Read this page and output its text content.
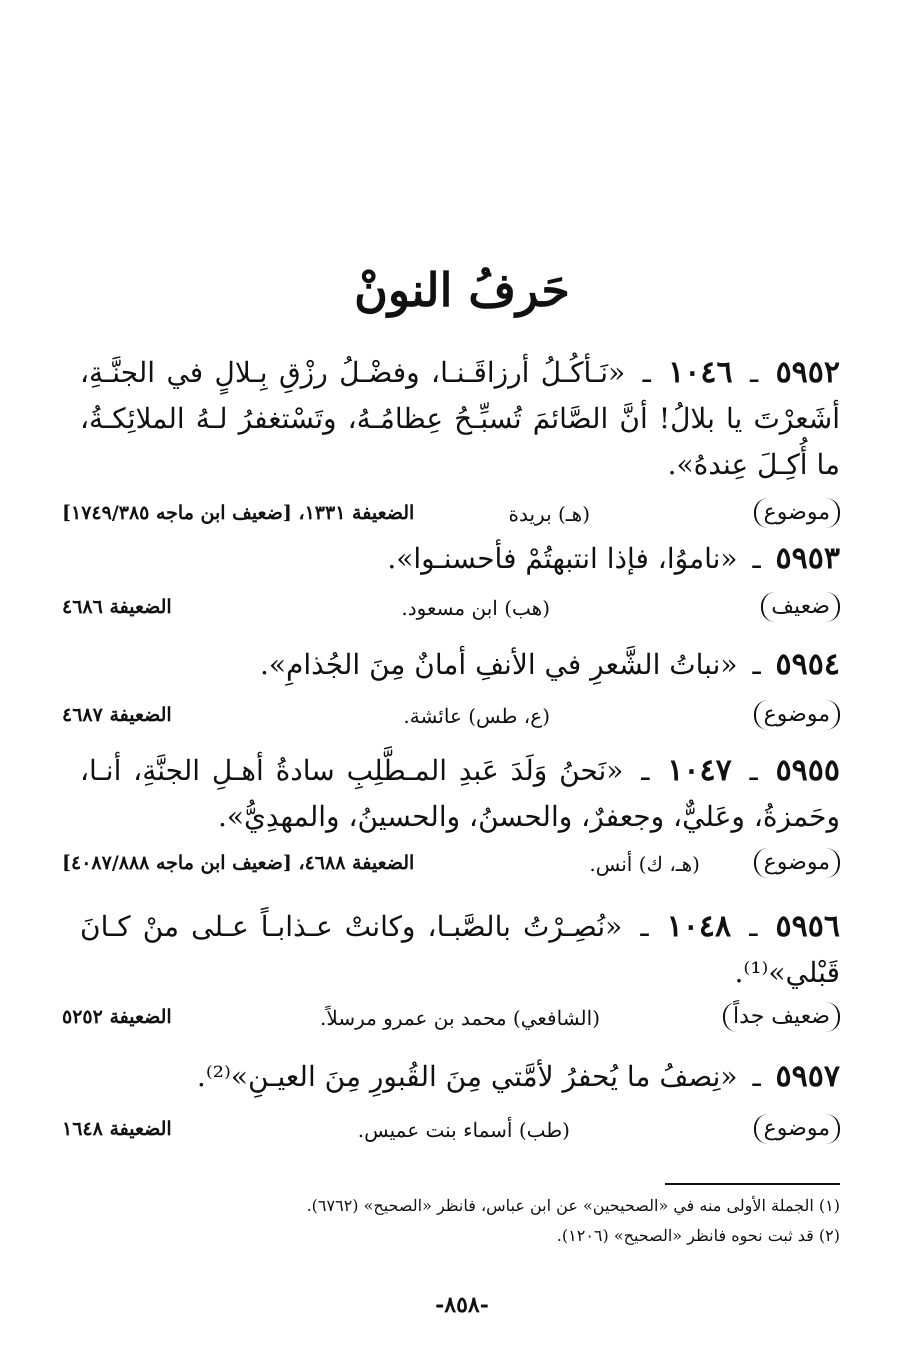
حَرفُ النونْ

٥٩٥٢ ـ ١٠٤٦ ـ «نَـأكُـلُ أرزاقَـنـا، وفضْـلُ رزْقِ بِـلالٍ في الجنَّـةِ، أشَعرْتَ يا بلالُ! أنَّ الصَّائمَ تُسبِّـحُ عِظامُـهُ، وتَسْتغفرُ لـهُ الملائِكـةُ، ما أُكِـلَ عِندهُ».

موضوع
(هـ) بريدة
الضعيفة ١٣٣١، [ضعيف ابن ماجه ١٧٤٩/٣٨٥]

٥٩٥٣ ـ «ناموُا، فإذا انتبهتُمْ فأحسنـوا».

ضعيف
(هب) ابن مسعود.
الضعيفة ٤٦٨٦

٥٩٥٤ ـ «نباتُ الشَّعرِ في الأنفِ أمانٌ مِنَ الجُذامِ».

موضوع
(ع، طس) عائشة.
الضعيفة ٤٦٨٧

٥٩٥٥ ـ ١٠٤٧ ـ «نَحنُ وَلَدَ عَبدِ المـطَّلِبِ سادةُ أهـلِ الجنَّةِ، أنـا، وحَمزةُ، وعَليٌّ، وجعفرٌ، والحسنُ، والحسينُ، والمهدِيُّ».

موضوع
(هـ، ك) أنس.
الضعيفة ٤٦٨٨، [ضعيف ابن ماجه ٤٠٨٧/٨٨٨]

٥٩٥٦ ـ ١٠٤٨ ـ «نُصِـرْتُ بالصَّبـا، وكانتْ عـذابـاً عـلى منْ كـانَ قَبْلي»⁽¹⁾.

ضعيف جداً
(الشافعي) محمد بن عمرو مرسلاً.
الضعيفة ٥٢٥٢

٥٩٥٧ ـ «نِصفُ ما يُحفرُ لأمَّتي مِنَ القُبورِ مِنَ العيـنِ»⁽²⁾.

موضوع
(طب) أسماء بنت عميس.
الضعيفة ١٦٤٨
(١) الجملة الأولى منه في «الصحيحين» عن ابن عباس، فانظر «الصحيح» (٦٧٦٢).
(٢) قد ثبت نحوه فانظر «الصحيح» (١٢٠٦).
-٨٥٨-
